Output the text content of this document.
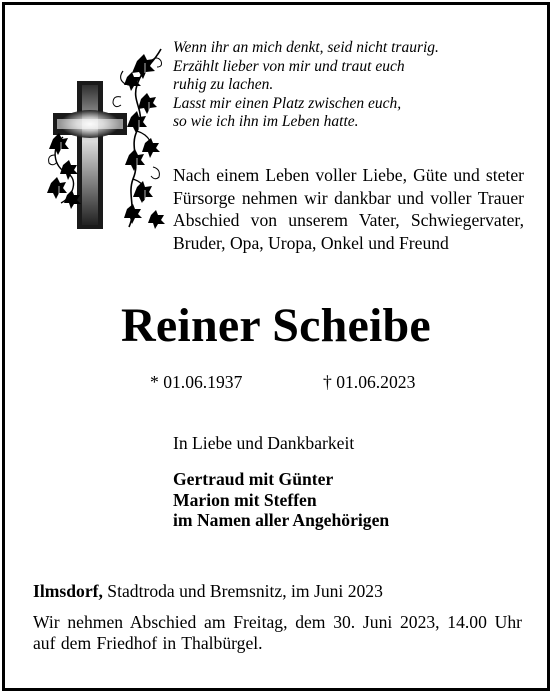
Wenn ihr an mich denkt, seid nicht traurig.
Erzählt lieber von mir und traut euch
ruhig zu lachen.
Lasst mir einen Platz zwischen euch,
so wie ich ihn im Leben hatte.
Nach einem Leben voller Liebe, Güte und steter Fürsorge nehmen wir dankbar und voller Trauer Abschied von unserem Vater, Schwiegervater, Bruder, Opa, Uropa, Onkel und Freund
Reiner Scheibe
* 01.06.1937	† 01.06.2023
In Liebe und Dankbarkeit
Gertraud mit Günter
Marion mit Steffen
im Namen aller Angehörigen
Ilmsdorf, Stadtroda und Bremsnitz, im Juni 2023
Wir nehmen Abschied am Freitag, dem 30. Juni 2023, 14.00 Uhr auf dem Friedhof in Thalbürgel.
